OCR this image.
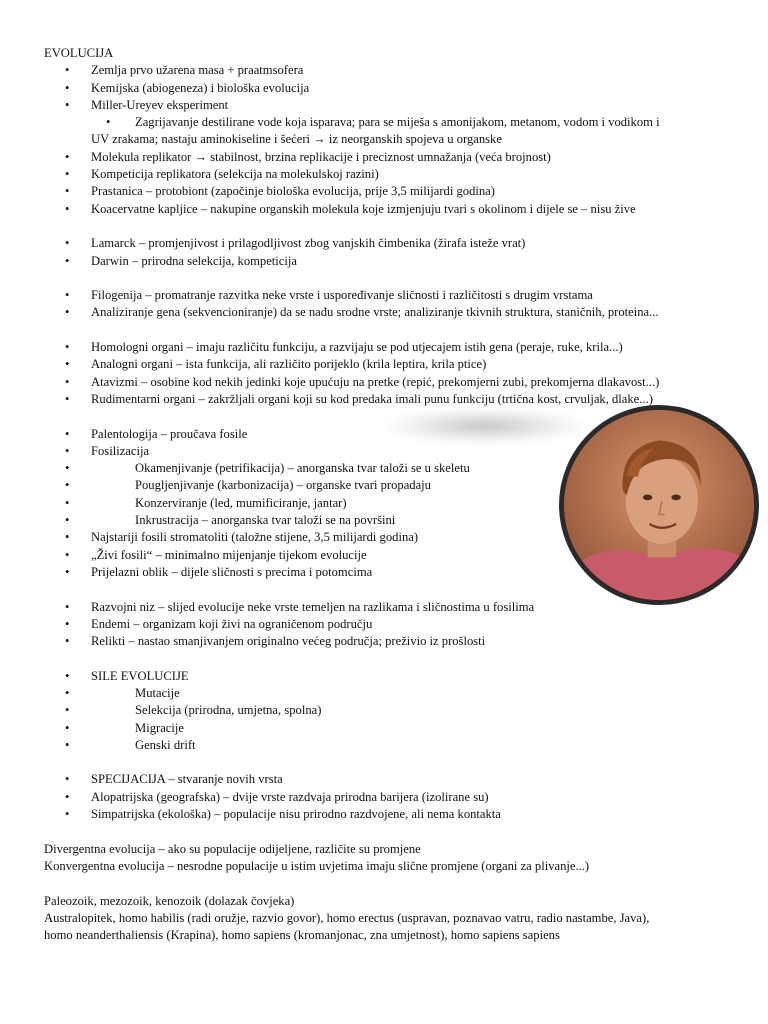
EVOLUCIJA
• Zemlja prvo užarena masa + praatmsofera
• Kemijska (abiogeneza) i biološka evolucija
• Miller-Ureyev eksperiment
• Zagrijavanje destilirane vode koja isparava; para se miješa s amonijakom, metanom, vodom i vodikom i
UV zrakama; nastaju aminokiseline i šećeri → iz neorganskih spojeva u organske
• Molekula replikator → stabilnost, brzina replikacije i preciznost umnažanja (veća brojnost)
• Kompeticija replikatora (selekcija na molekulskoj razini)
• Prastanica – protobiont (započinje biološka evolucija, prije 3,5 milijardi godina)
• Koacervatne kapljice – nakupine organskih molekula koje izmjenjuju tvari s okolinom i dijele se – nisu žive
• Lamarck – promjenjivost i prilagodljivost zbog vanjskih čimbenika (žirafa isteže vrat)
• Darwin – prirodna selekcija, kompeticija
• Filogenija – promatranje razvitka neke vrste i uspoređivanje sličnosti i različitosti s drugim vrstama
• Analiziranje gena (sekvencioniranje) da se nađu srodne vrste; analiziranje tkivnih struktura, staničnih, proteina...
• Homologni organi – imaju različitu funkciju, a razvijaju se pod utjecajem istih gena (peraje, ruke, krila...)
• Analogni organi – ista funkcija, ali različito porijeklo (krila leptira, krila ptice)
• Atavizmi – osobine kod nekih jedinki koje upućuju na pretke (repić, prekomjerni zubi, prekomjerna dlakavost...)
• Rudimentarni organi – zakržljali organi koji su kod predaka imali punu funkciju (trtična kost, crvuljak, dlake...)
• Palentologija – proučava fosile
• Fosilizacija
• Okamenjivanje (petrifikacija) – anorganska tvar taloži se u skeletu
• Pougljenjivanje (karbonizacija) – organske tvari propadaju
• Konzerviranje (led, mumificiranje, jantar)
• Inkrustracija – anorganska tvar taloži se na površini
• Najstariji fosili stromatoliti (taložne stijene, 3,5 milijardi godina)
• „Živi fosili“ – minimalno mijenjanje tijekom evolucije
• Prijelazni oblik – dijele sličnosti s precima i potomcima
• Razvojni niz – slijed evolucije neke vrste temeljen na razlikama i sličnostima u fosilima
• Endemi – organizam koji živi na ograničenom području
• Relikti – nastao smanjivanjem originalno većeg područja; preživio iz prošlosti
• SILE EVOLUCIJE
• Mutacije
• Selekcija (prirodna, umjetna, spolna)
• Migracije
• Genski drift
• SPECIJACIJA – stvaranje novih vrsta
• Alopatrijska (geografska) – dvije vrste razdvaja prirodna barijera (izolirane su)
• Simpatrijska (ekološka) – populacije nisu prirodno razdvojene, ali nema kontakta
Divergentna evolucija – ako su populacije odijeljene, različite su promjene
Konvergentna evolucija – nesrodne populacije u istim uvjetima imaju slične promjene (organi za plivanje...)
Paleozoik, mezozoik, kenozoik (dolazak čovjeka)
Australopitek, homo habilis (radi oružje, razvio govor), homo erectus (uspravan, poznavao vatru, radio nastambe, Java),
homo neanderthaliensis (Krapina), homo sapiens (kromanjonac, zna umjetnost), homo sapiens sapiens
